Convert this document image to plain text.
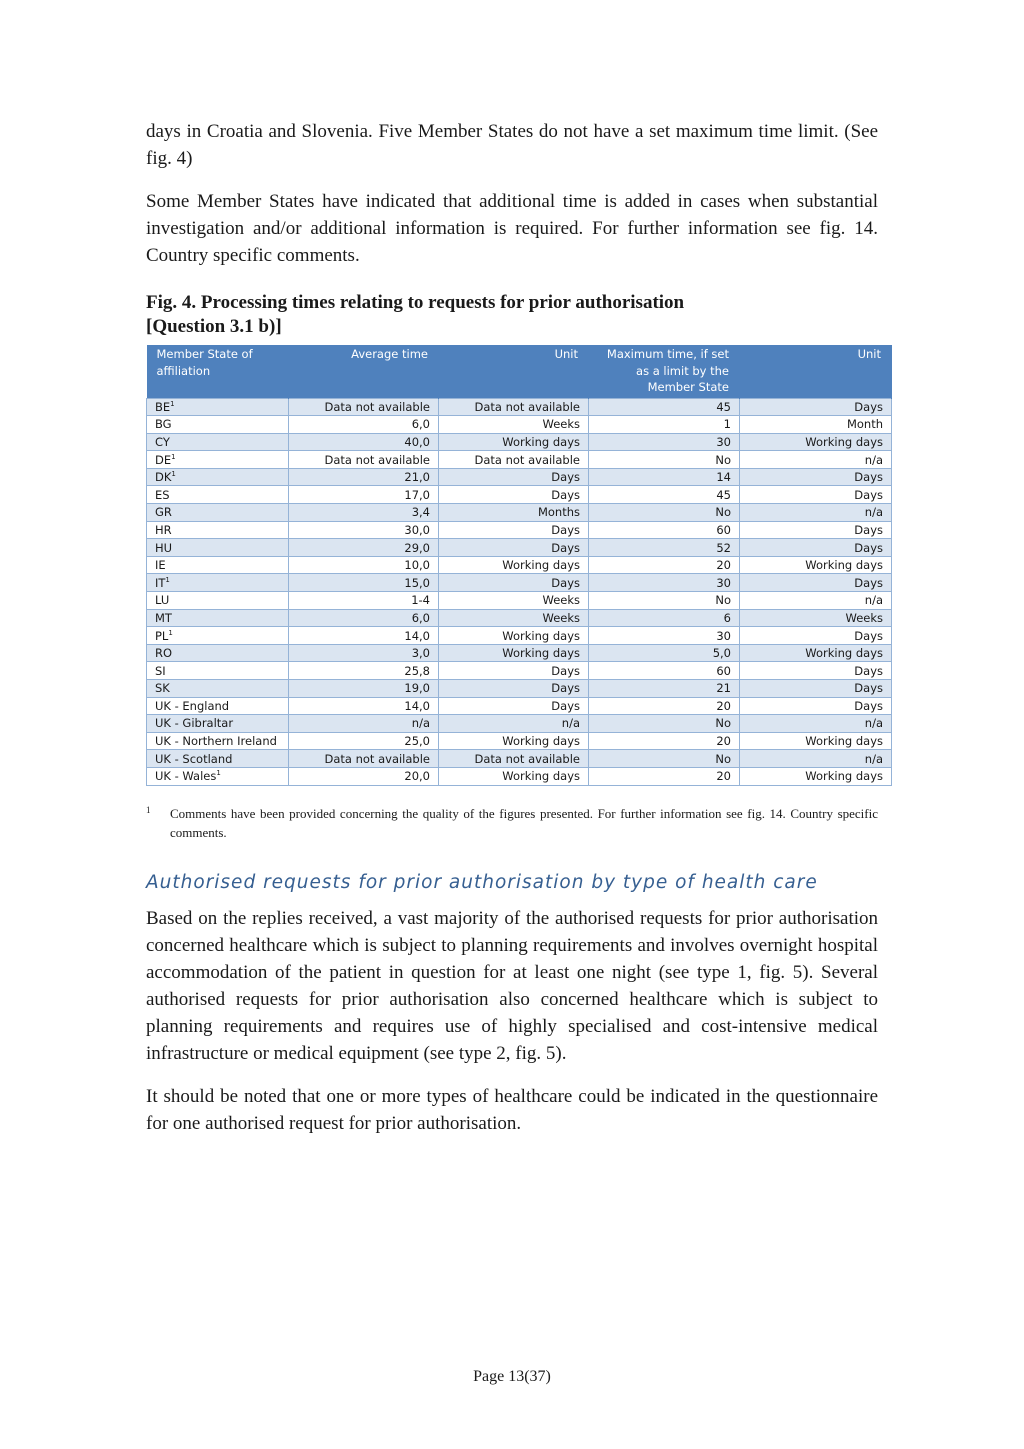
days in Croatia and Slovenia. Five Member States do not have a set maximum time limit. (See fig. 4)

Some Member States have indicated that additional time is added in cases when substantial investigation and/or additional information is required. For further information see fig. 14. Country specific comments.

Fig. 4. Processing times relating to requests for prior authorisation
[Question 3.1 b)]
Member State of affiliation	Average time	Unit	Maximum time, if set as a limit by the Member State	Unit
$BE^1$	Data not available	Data not available	45	Days
BG	6,0	Weeks	1	Month
CY	40,0	Working days	30	Working days
$DE^1$	Data not available	Data not available	No	n/a
$DK^1$	21,0	Days	14	Days
ES	17,0	Days	45	Days
GR	3,4	Months	No	n/a
HR	30,0	Days	60	Days
HU	29,0	Days	52	Days
IE	10,0	Working days	20	Working days
$IT^1$	15,0	Days	30	Days
LU	1-4	Weeks	No	n/a
MT	6,0	Weeks	6	Weeks
$PL^1$	14,0	Working days	30	Days
RO	3,0	Working days	5,0	Working days
SI	25,8	Days	60	Days
SK	19,0	Days	21	Days
UK - England	14,0	Days	20	Days
UK - Gibraltar	n/a	n/a	No	n/a
UK - Northern Ireland	25,0	Working days	20	Working days
UK - Scotland	Data not available	Data not available	No	n/a
UK - Wales$^1$	20,0	Working days	20	Working days
1	Comments have been provided concerning the quality of the figures presented. For further information see fig. 14. Country specific comments.
Authorised requests for prior authorisation by type of health care

Based on the replies received, a vast majority of the authorised requests for prior authorisation concerned healthcare which is subject to planning requirements and involves overnight hospital accommodation of the patient in question for at least one night (see type 1, fig. 5). Several authorised requests for prior authorisation also concerned healthcare which is subject to planning requirements and requires use of highly specialised and cost-intensive medical infrastructure or medical equipment (see type 2, fig. 5).

It should be noted that one or more types of healthcare could be indicated in the questionnaire for one authorised request for prior authorisation.

Page 13(37)
